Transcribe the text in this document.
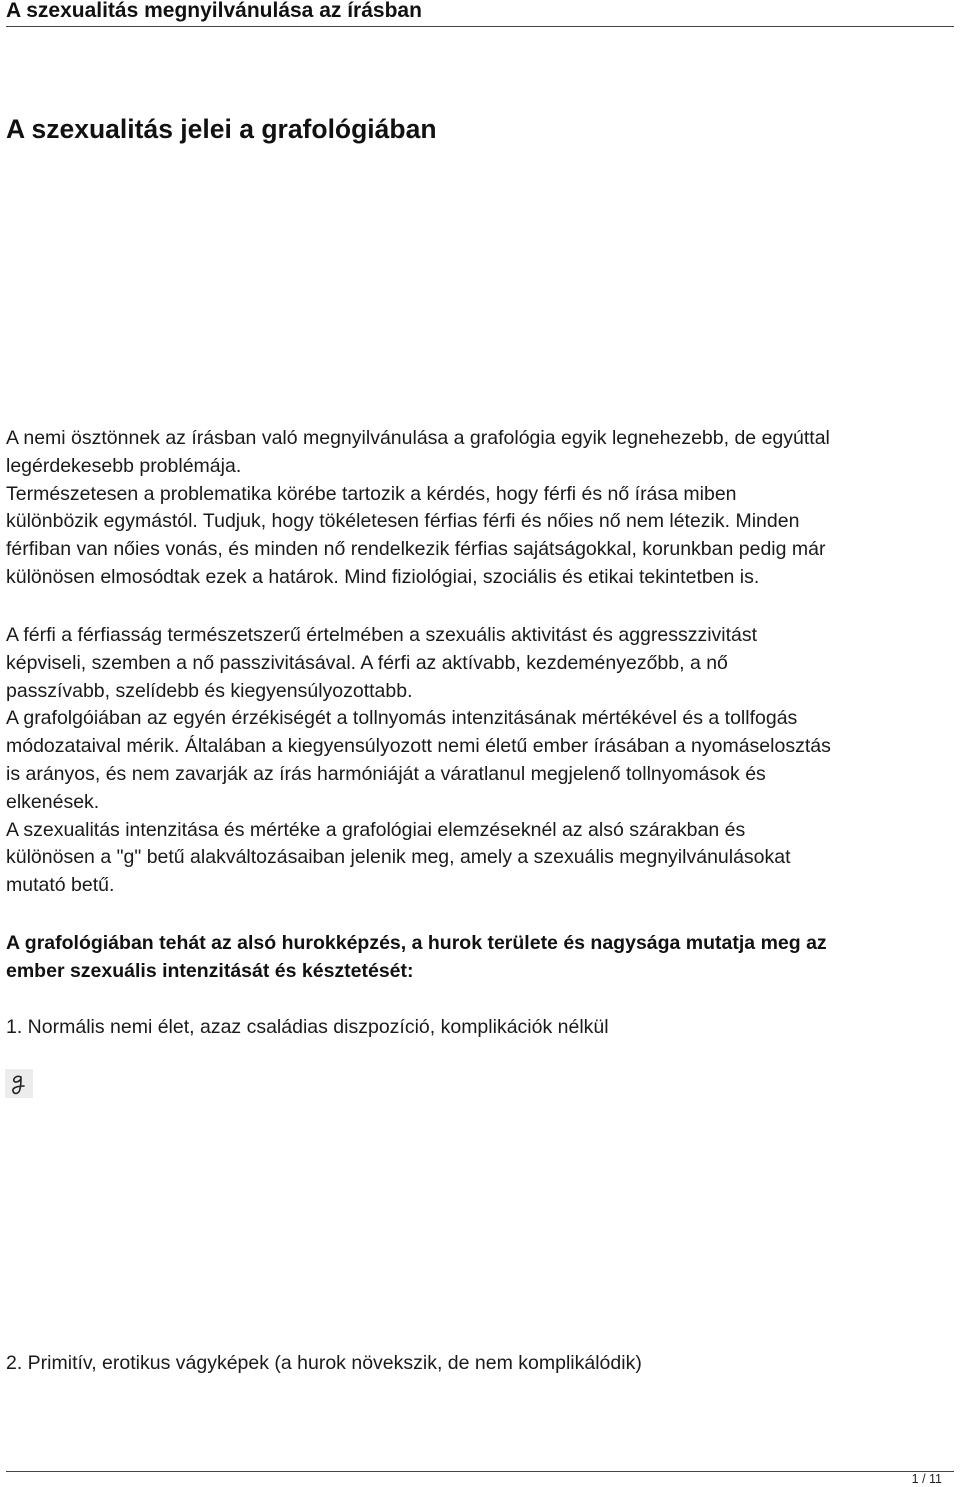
A szexualitás megnyilvánulása az írásban
A szexualitás jelei a grafológiában

A nemi ösztönnek az írásban való megnyilvánulása a grafológia egyik legnehezebb, de egyúttal
legérdekesebb problémája.
Természetesen a problematika körébe tartozik a kérdés, hogy férfi és nő írása miben
különbözik egymástól. Tudjuk, hogy tökéletesen férfias férfi és nőies nő nem létezik. Minden
férfiban van nőies vonás, és minden nő rendelkezik férfias sajátságokkal, korunkban pedig már
különösen elmosódtak ezek a határok. Mind fiziológiai, szociális és etikai tekintetben is.

A férfi a férfiasság természetszerű értelmében a szexuális aktivitást és aggresszzivitást
képviseli, szemben a nő passzivitásával. A férfi az aktívabb, kezdeményezőbb, a nő
passzívabb, szelídebb és kiegyensúlyozottabb.
A grafolgóiában az egyén érzékiségét a tollnyomás intenzitásának mértékével és a tollfogás
módozataival mérik. Általában a kiegyensúlyozott nemi életű ember írásában a nyomáselosztás
is arányos, és nem zavarják az írás harmóniáját a váratlanul megjelenő tollnyomások és
elkenések.
A szexualitás intenzitása és mértéke a grafológiai elemzéseknél az alsó szárakban és
különösen a "g" betű alakváltozásaiban jelenik meg, amely a szexuális megnyilvánulásokat
mutató betű.

A grafológiában tehát az alsó hurokképzés, a hurok területe és nagysága mutatja meg az
ember szexuális intenzitását és késztetését:

1. Normális nemi élet, azaz családias diszpozíció, komplikációk nélkül

2. Primitív, erotikus vágyképek (a hurok növekszik, de nem komplikálódik)

1 / 11
